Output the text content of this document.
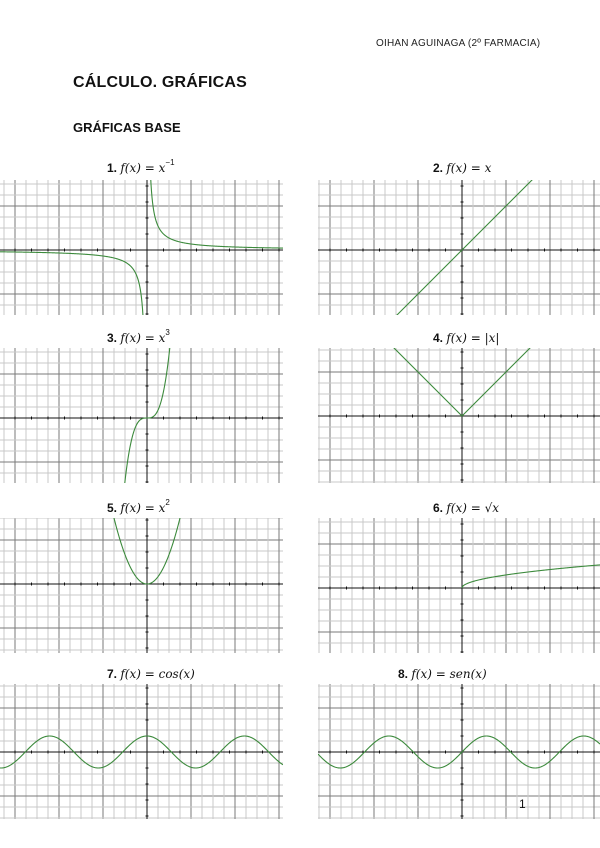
OIHAN AGUINAGA (2º FARMACIA)
CÁLCULO. GRÁFICAS
GRÁFICAS BASE
1. $f(x) = x^{-1}$	2. f(x) = x
3. $f(x) = x^3$	4. f(x) = |x|
5. $f(x) = x^2$	6. f(x) = √x
7. f(x) = cos(x)	8. f(x) = sen(x)
1
